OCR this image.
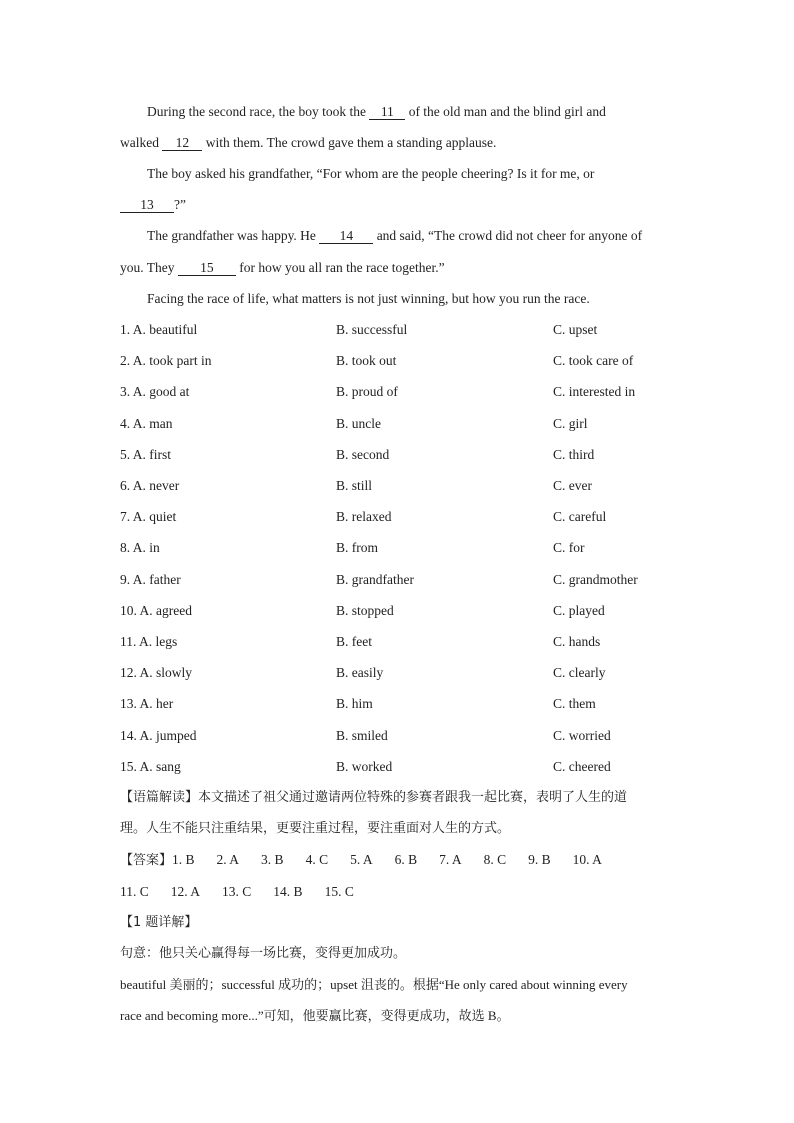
During the second race, the boy took the 11 of the old man and the blind girl and
walked 12 with them. The crowd gave them a standing applause.
The boy asked his grandfather, “For whom are the people cheering? Is it for me, or
13 ?”
The grandfather was happy. He 14 and said, “The crowd did not cheer for anyone of
you. They 15 for how you all ran the race together.”
Facing the race of life, what matters is not just winning, but how you run the race.
1. A. beautiful	B. successful	C. upset
2. A. took part in	B. took out	C. took care of
3. A. good at	B. proud of	C. interested in
4. A. man	B. uncle	C. girl
5. A. first	B. second	C. third
6. A. never	B. still	C. ever
7. A. quiet	B. relaxed	C. careful
8. A. in	B. from	C. for
9. A. father	B. grandfather	C. grandmother
10. A. agreed	B. stopped	C. played
11. A. legs	B. feet	C. hands
12. A. slowly	B. easily	C. clearly
13. A. her	B. him	C. them
14. A. jumped	B. smiled	C. worried
15. A. sang	B. worked	C. cheered
【语篇解读】本文描述了祖父通过邀请两位特殊的参赛者跟我一起比赛，表明了人生的道
理。人生不能只注重结果，更要注重过程，要注重面对人生的方式。
【答案】1. B 2. A 3. B 4. C 5. A 6. B 7. A 8. C 9. B 10. A
11. C 12. A 13. C 14. B 15. C
【1 题详解】
句意：他只关心赢得每一场比赛，变得更加成功。
beautiful 美丽的；successful 成功的；upset 沮丧的。根据“He only cared about winning every
race and becoming more...”可知，他要赢比赛，变得更成功，故选 B。
